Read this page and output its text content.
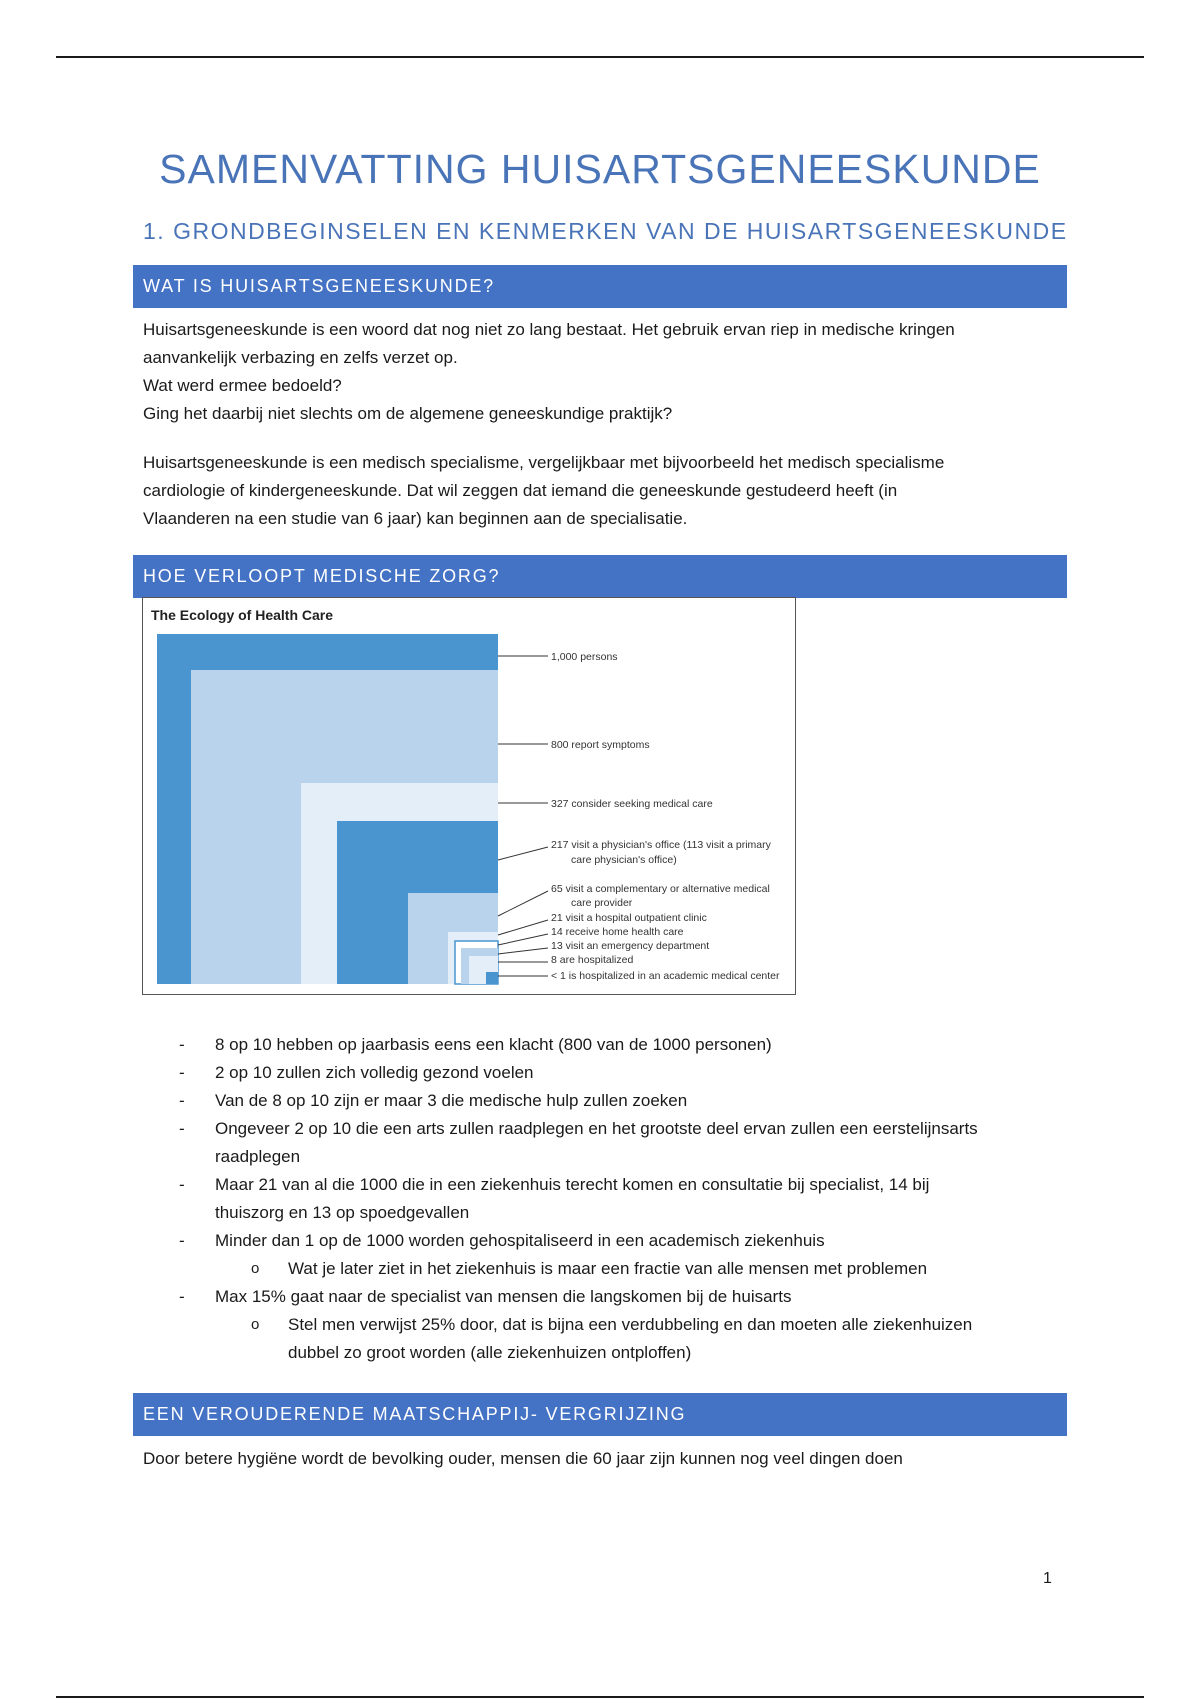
SAMENVATTING HUISARTSGENEESKUNDE
1. GRONDBEGINSELEN EN KENMERKEN VAN DE HUISARTSGENEESKUNDE
WAT IS HUISARTSGENEESKUNDE?

Huisartsgeneeskunde is een woord dat nog niet zo lang bestaat. Het gebruik ervan riep in medische kringen

aanvankelijk verbazing en zelfs verzet op.

Wat werd ermee bedoeld?

Ging het daarbij niet slechts om de algemene geneeskundige praktijk?

Huisartsgeneeskunde is een medisch specialisme, vergelijkbaar met bijvoorbeeld het medisch specialisme

cardiologie of kindergeneeskunde. Dat wil zeggen dat iemand die geneeskunde gestudeerd heeft (in

Vlaanderen na een studie van 6 jaar) kan beginnen aan de specialisatie.

HOE VERLOOPT MEDISCHE ZORG?
The Ecology of Health Care
1,000 persons
800 report symptoms
327 consider seeking medical care
217 visit a physician's office (113 visit a primary
care physician's office)
65 visit a complementary or alternative medical
care provider
21 visit a hospital outpatient clinic
14 receive home health care
13 visit an emergency department
8 are hospitalized
< 1 is hospitalized in an academic medical center
- 8 op 10 hebben op jaarbasis eens een klacht (800 van de 1000 personen)
- 2 op 10 zullen zich volledig gezond voelen
- Van de 8 op 10 zijn er maar 3 die medische hulp zullen zoeken
- Ongeveer 2 op 10 die een arts zullen raadplegen en het grootste deel ervan zullen een eerstelijnsarts
raadplegen
- Maar 21 van al die 1000 die in een ziekenhuis terecht komen en consultatie bij specialist, 14 bij
thuiszorg en 13 op spoedgevallen
- Minder dan 1 op de 1000 worden gehospitaliseerd in een academisch ziekenhuis
o Wat je later ziet in het ziekenhuis is maar een fractie van alle mensen met problemen
- Max 15% gaat naar de specialist van mensen die langskomen bij de huisarts
o Stel men verwijst 25% door, dat is bijna een verdubbeling en dan moeten alle ziekenhuizen
dubbel zo groot worden (alle ziekenhuizen ontploffen)
EEN VEROUDERENDE MAATSCHAPPIJ- VERGRIJZING

Door betere hygiëne wordt de bevolking ouder, mensen die 60 jaar zijn kunnen nog veel dingen doen

1
